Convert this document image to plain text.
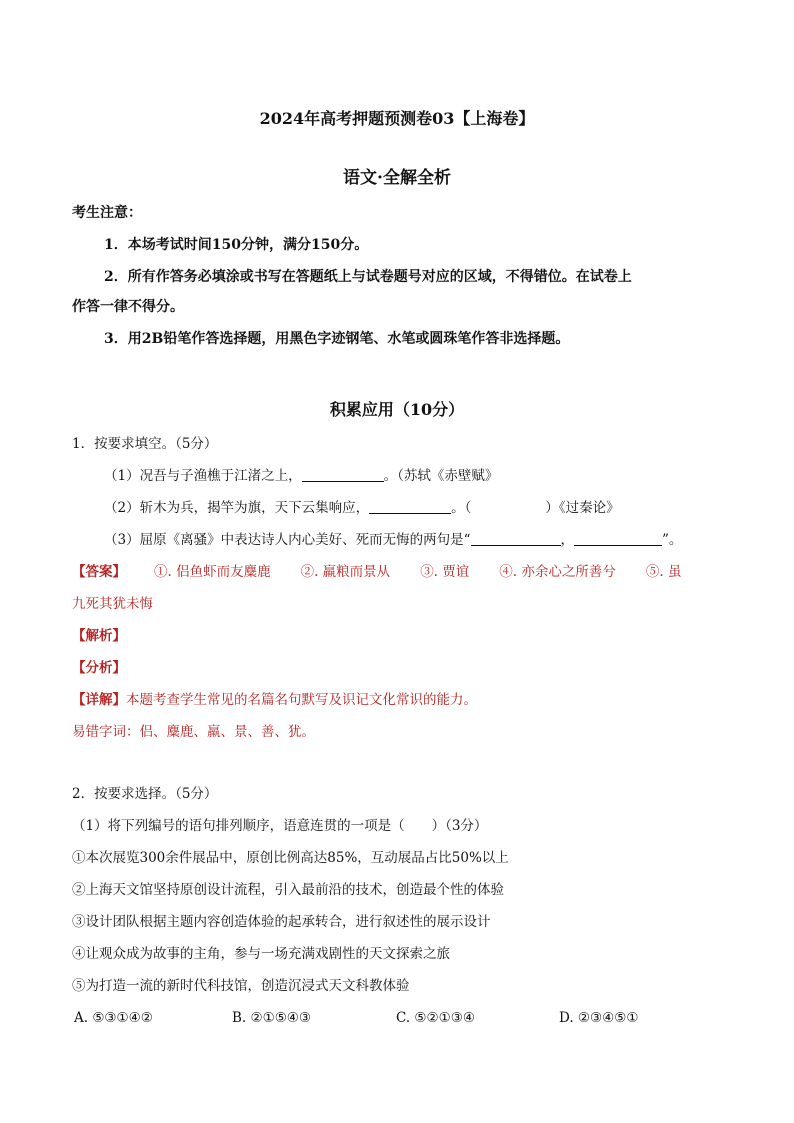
2024年高考押题预测卷03【上海卷】
语文·全解全析
考生注意：
1．本场考试时间150分钟，满分150分。
2．所有作答务必填涂或书写在答题纸上与试卷题号对应的区域，不得错位。在试卷上
作答一律不得分。
3．用2B铅笔作答选择题，用黑色字迹钢笔、水笔或圆珠笔作答非选择题。
积累应用（10分）
1．按要求填空。（5分）
（1）况吾与子渔樵于江渚之上，	。（苏轼《赤壁赋》
（2）斩木为兵，揭竿为旗，天下云集响应，	。（	）《过秦论》
（3）屈原《离骚》中表达诗人内心美好、死而无悔的两句是“	，	”。
【答案】 ①. 侣鱼虾而友麋鹿 ②. 羸粮而景从 ③. 贾谊 ④. 亦余心之所善兮 ⑤. 虽
九死其犹未悔
【解析】
【分析】
【详解】本题考查学生常见的名篇名句默写及识记文化常识的能力。
易错字词：侣、麋鹿、羸、景、善、犹。
2．按要求选择。（5分）
（1）将下列编号的语句排列顺序，语意连贯的一项是（　　）（3分）
①本次展览300余件展品中，原创比例高达85%，互动展品占比50%以上
②上海天文馆坚持原创设计流程，引入最前沿的技术，创造最个性的体验
③设计团队根据主题内容创造体验的起承转合，进行叙述性的展示设计
④让观众成为故事的主角，参与一场充满戏剧性的天文探索之旅
⑤为打造一流的新时代科技馆，创造沉浸式天文科教体验
A. ⑤③①④②	B. ②①⑤④③	C. ⑤②①③④	D. ②③④⑤①
